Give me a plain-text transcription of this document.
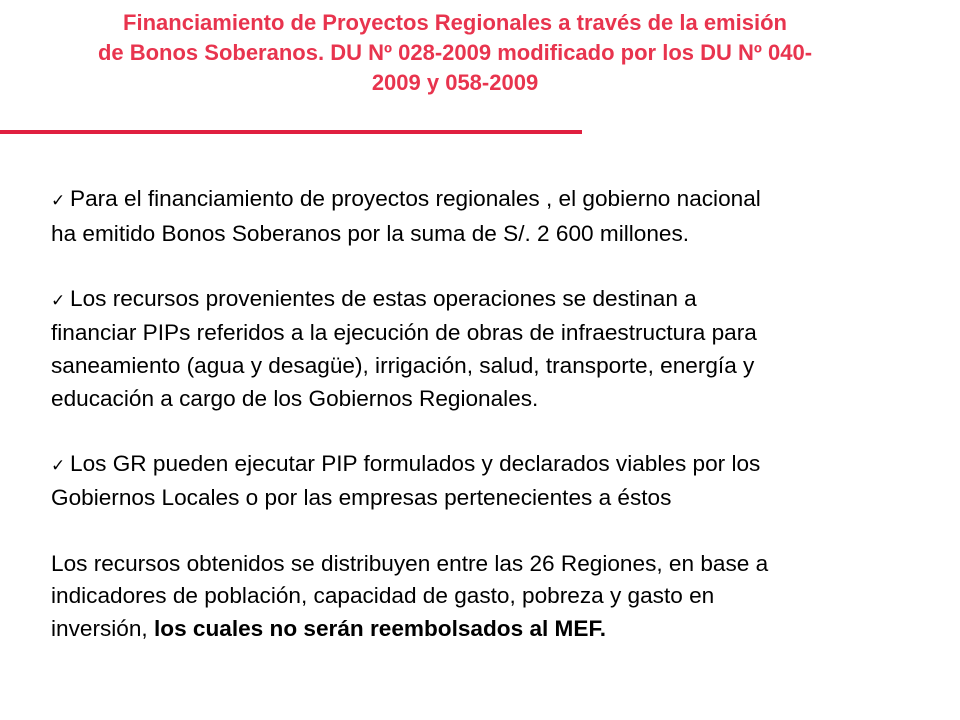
Financiamiento de Proyectos Regionales a través de la emisión
de Bonos Soberanos. DU Nº 028-2009 modificado por los DU Nº 040-
2009 y 058-2009
✓ Para el financiamiento de proyectos regionales , el gobierno nacional
ha emitido Bonos Soberanos por la suma de S/. 2 600 millones.
✓ Los recursos provenientes de estas operaciones se destinan a
financiar PIPs referidos a la ejecución de obras de infraestructura para
saneamiento (agua y desagüe), irrigación, salud, transporte, energía y
educación a cargo de los Gobiernos Regionales.
✓ Los GR pueden ejecutar PIP formulados y declarados viables por los
Gobiernos Locales o por las empresas pertenecientes a éstos
Los recursos obtenidos se distribuyen entre las 26 Regiones, en base a
indicadores de población, capacidad de gasto, pobreza y gasto en
inversión, los cuales no serán reembolsados al MEF.
